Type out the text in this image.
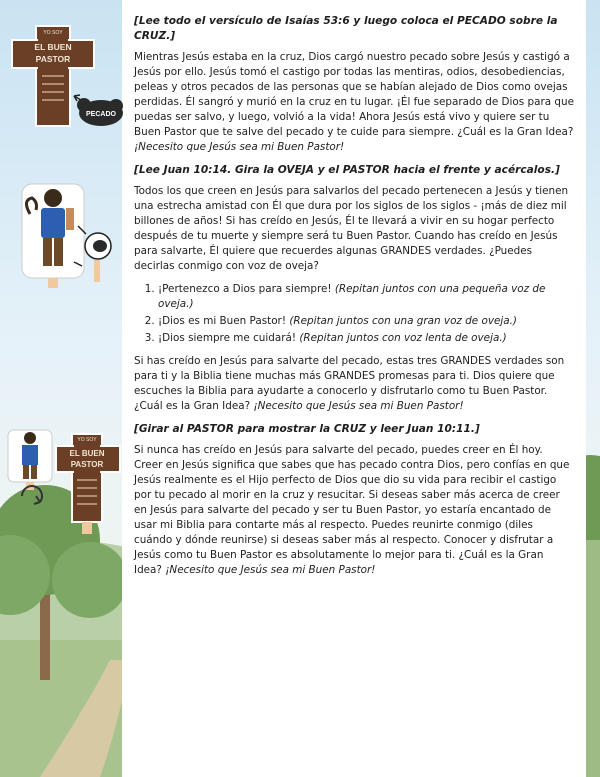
YO SOY
EL BUEN
PASTOR
PECADO
YO SOY
EL BUEN
PASTOR

[Lee todo el versículo de Isaías 53:6 y luego coloca el PECADO sobre la CRUZ.]

Mientras Jesús estaba en la cruz, Dios cargó nuestro pecado sobre Jesús y castigó a Jesús por ello. Jesús tomó el castigo por todas las mentiras, odios, desobediencias, peleas y otros pecados de las personas que se habían alejado de Dios como ovejas perdidas. Él sangró y murió en la cruz en tu lugar. ¡Él fue separado de Dios para que puedas ser salvo, y luego, volvió a la vida! Ahora Jesús está vivo y quiere ser tu Buen Pastor que te salve del pecado y te cuide para siempre. ¿Cuál es la Gran Idea? ¡Necesito que Jesús sea mi Buen Pastor!

[Lee Juan 10:14. Gira la OVEJA y el PASTOR hacia el frente y acércalos.]

Todos los que creen en Jesús para salvarlos del pecado pertenecen a Jesús y tienen una estrecha amistad con Él que dura por los siglos de los siglos - ¡más de diez mil billones de años! Si has creído en Jesús, Él te llevará a vivir en su hogar perfecto después de tu muerte y siempre será tu Buen Pastor. Cuando has creído en Jesús para salvarte, Él quiere que recuerdes algunas GRANDES verdades. ¿Puedes decirlas conmigo con voz de oveja?

1. ¡Pertenezco a Dios para siempre! (Repitan juntos con una pequeña voz de oveja.)
2. ¡Dios es mi Buen Pastor! (Repitan juntos con una gran voz de oveja.)
3. ¡Dios siempre me cuidará! (Repitan juntos con voz lenta de oveja.)

Si has creído en Jesús para salvarte del pecado, estas tres GRANDES verdades son para ti y la Biblia tiene muchas más GRANDES promesas para ti. Dios quiere que escuches la Biblia para ayudarte a conocerlo y disfrutarlo como tu Buen Pastor. ¿Cuál es la Gran Idea? ¡Necesito que Jesús sea mi Buen Pastor!

[Girar al PASTOR para mostrar la CRUZ y leer Juan 10:11.]

Si nunca has creído en Jesús para salvarte del pecado, puedes creer en Él hoy. Creer en Jesús significa que sabes que has pecado contra Dios, pero confías en que Jesús realmente es el Hijo perfecto de Dios que dio su vida para recibir el castigo por tu pecado al morir en la cruz y resucitar. Si deseas saber más acerca de creer en Jesús para salvarte del pecado y ser tu Buen Pastor, yo estaría encantado de usar mi Biblia para contarte más al respecto. Puedes reunirte conmigo (diles cuándo y dónde reunirse) si deseas saber más al respecto. Conocer y disfrutar a Jesús como tu Buen Pastor es absolutamente lo mejor para ti. ¿Cuál es la Gran Idea? ¡Necesito que Jesús sea mi Buen Pastor!
